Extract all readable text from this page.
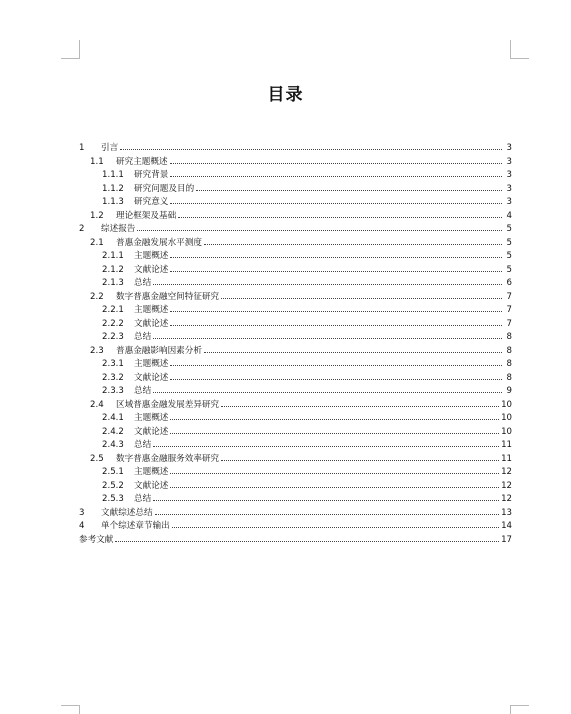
目录
1	引言	3
1.1	研究主题概述	3
1.1.1	研究背景	3
1.1.2	研究问题及目的	3
1.1.3	研究意义	3
1.2	理论框架及基础	4
2	综述报告	5
2.1	普惠金融发展水平测度	5
2.1.1	主题概述	5
2.1.2	文献论述	5
2.1.3	总结	6
2.2	数字普惠金融空间特征研究	7
2.2.1	主题概述	7
2.2.2	文献论述	7
2.2.3	总结	8
2.3	普惠金融影响因素分析	8
2.3.1	主题概述	8
2.3.2	文献论述	8
2.3.3	总结	9
2.4	区域普惠金融发展差异研究	10
2.4.1	主题概述	10
2.4.2	文献论述	10
2.4.3	总结	11
2.5	数字普惠金融服务效率研究	11
2.5.1	主题概述	12
2.5.2	文献论述	12
2.5.3	总结	12
3	文献综述总结	13
4	单个综述章节输出	14
参考文献	17
